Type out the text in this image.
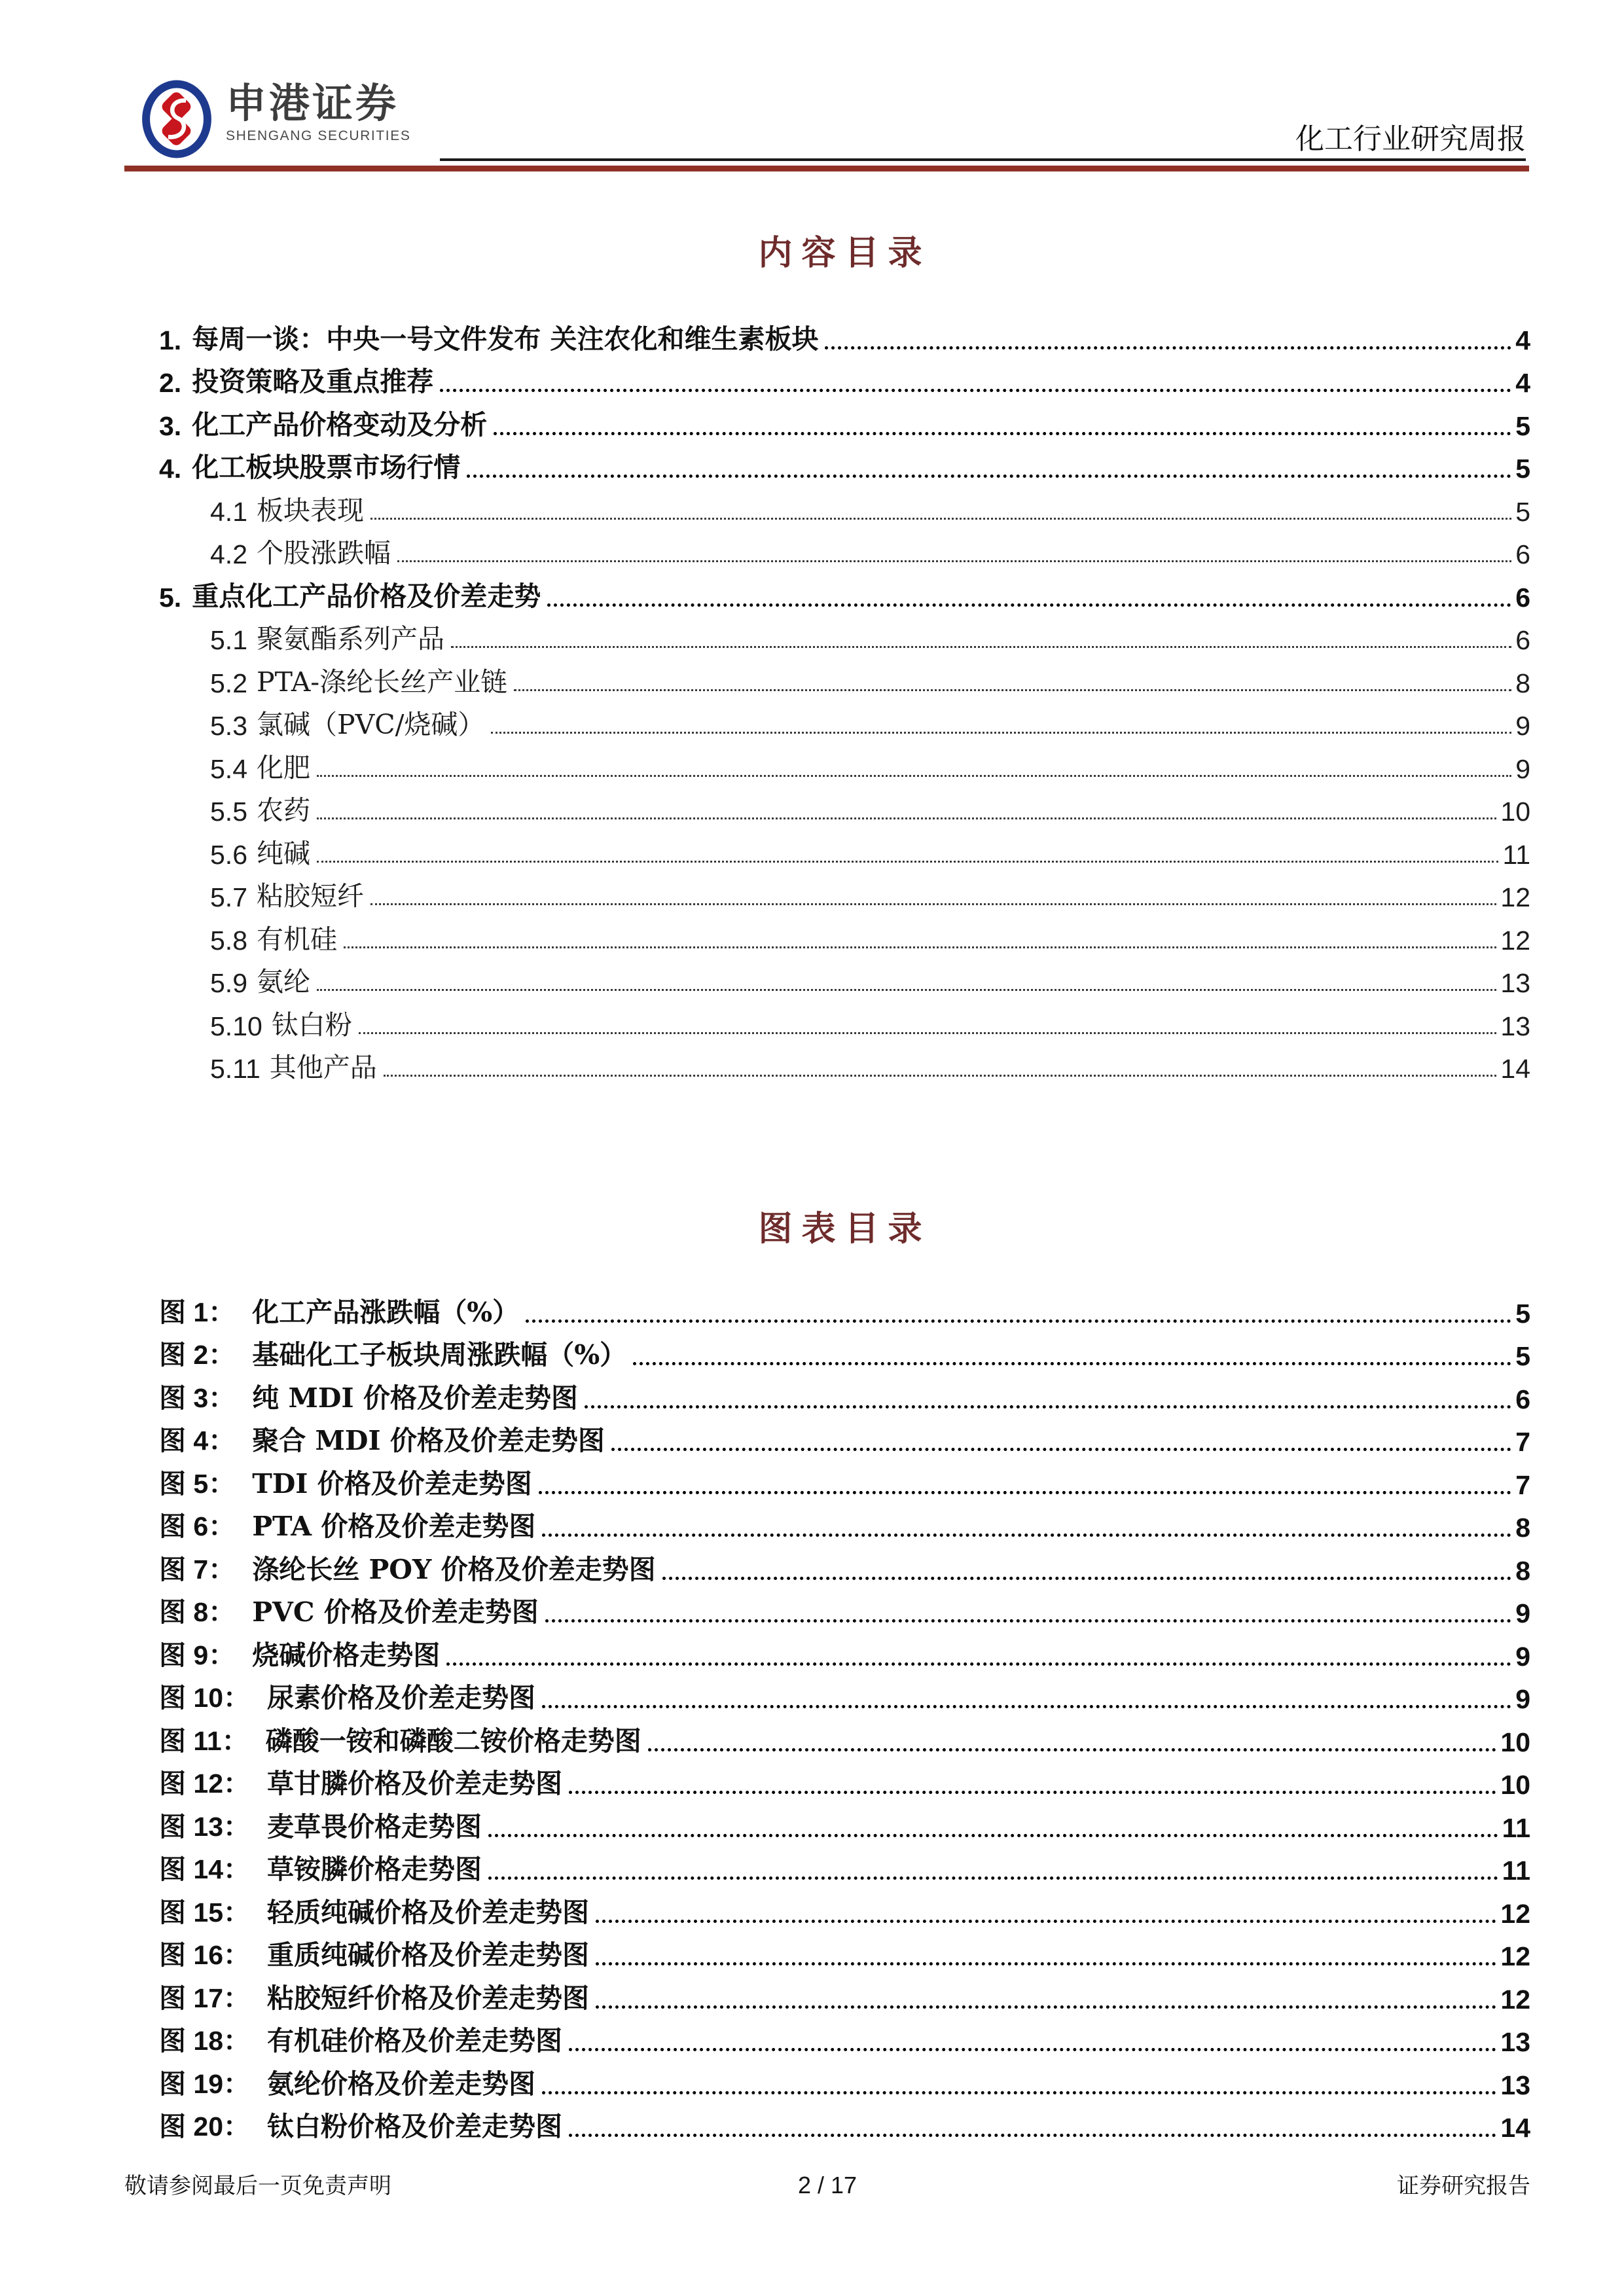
申港证券
SHENGANG SECURITIES	化工行业研究周报
内容目录
1. 每周一谈：中央一号文件发布 关注农化和维生素板块	4
2. 投资策略及重点推荐	4
3. 化工产品价格变动及分析	5
4. 化工板块股票市场行情	5
4.1 板块表现	5
4.2 个股涨跌幅	6
5. 重点化工产品价格及价差走势	6
5.1 聚氨酯系列产品	6
5.2 PTA-涤纶长丝产业链	8
5.3 氯碱（PVC/烧碱）	9
5.4 化肥	9
5.5 农药	10
5.6 纯碱	11
5.7 粘胶短纤	12
5.8 有机硅	12
5.9 氨纶	13
5.10 钛白粉	13
5.11 其他产品	14
图表目录
图 1： 化工产品涨跌幅（%）	5
图 2： 基础化工子板块周涨跌幅（%）	5
图 3： 纯 MDI 价格及价差走势图	6
图 4： 聚合 MDI 价格及价差走势图	7
图 5： TDI 价格及价差走势图	7
图 6： PTA 价格及价差走势图	8
图 7： 涤纶长丝 POY 价格及价差走势图	8
图 8： PVC 价格及价差走势图	9
图 9： 烧碱价格走势图	9
图 10： 尿素价格及价差走势图	9
图 11： 磷酸一铵和磷酸二铵价格走势图	10
图 12： 草甘膦价格及价差走势图	10
图 13： 麦草畏价格走势图	11
图 14： 草铵膦价格走势图	11
图 15： 轻质纯碱价格及价差走势图	12
图 16： 重质纯碱价格及价差走势图	12
图 17： 粘胶短纤价格及价差走势图	12
图 18： 有机硅价格及价差走势图	13
图 19： 氨纶价格及价差走势图	13
图 20： 钛白粉价格及价差走势图	14
敬请参阅最后一页免责声明	2 / 17	证券研究报告
